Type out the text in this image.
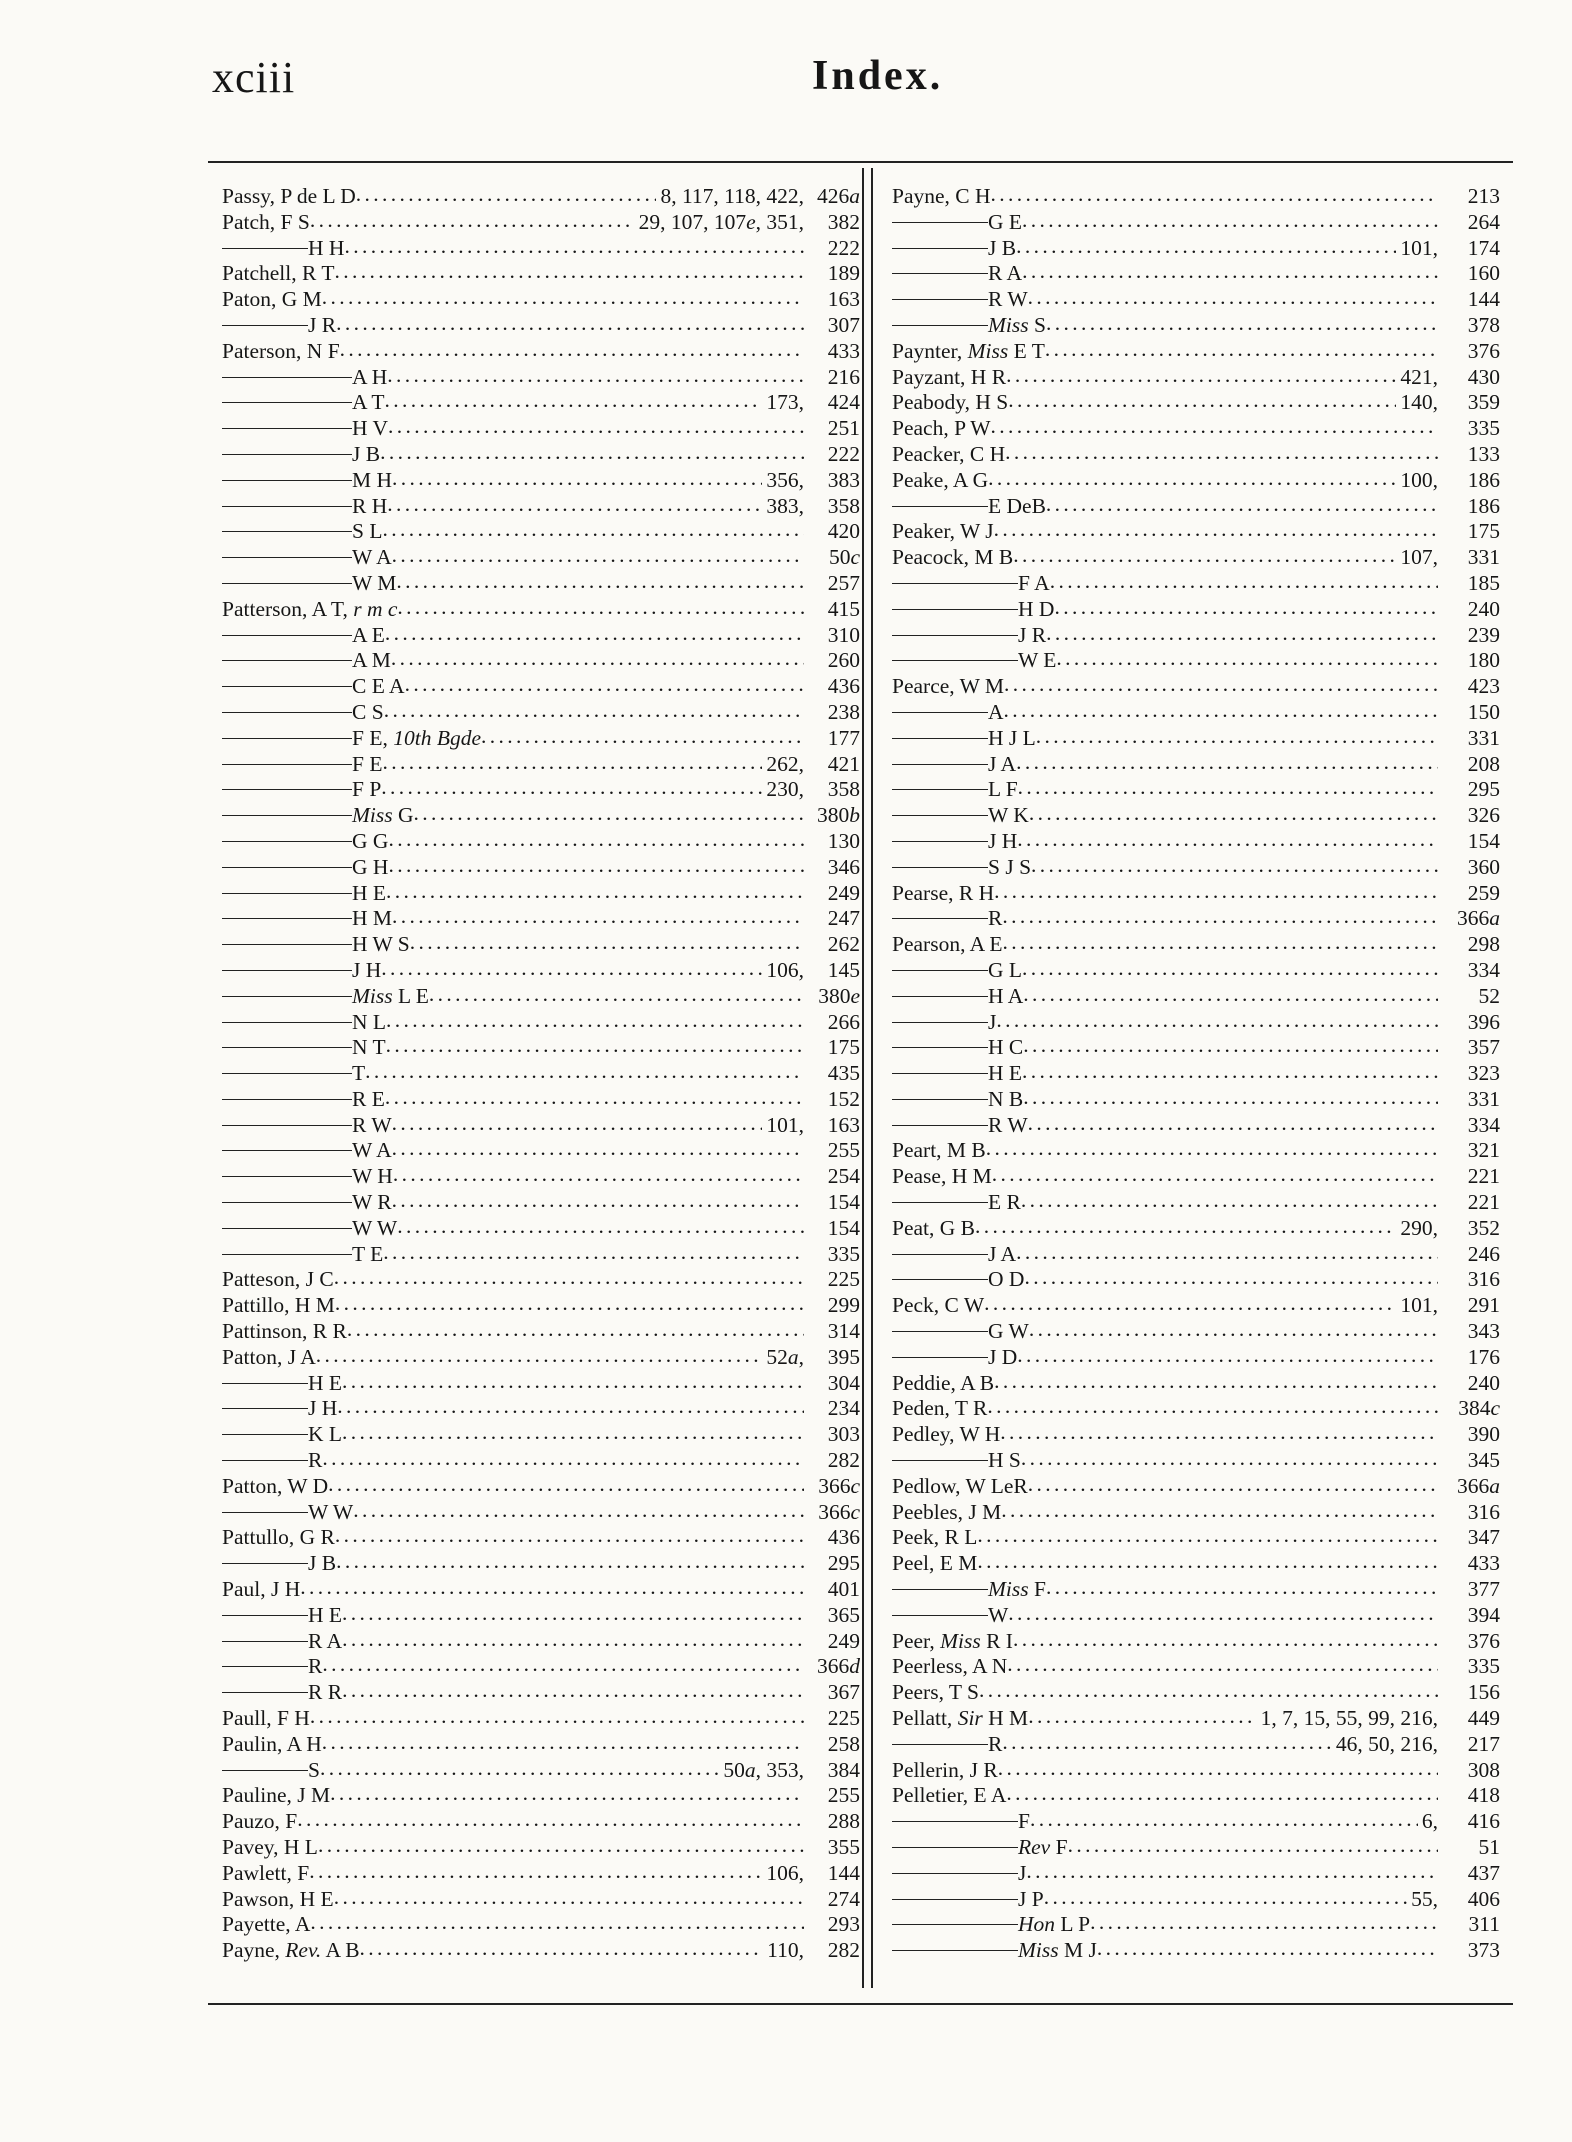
xciii	Index.
Passy, P de L D . . .	8, 117, 118, 422, 426a
Patch, F S . . .	29, 107, 107e, 351,	382
H H . . .	222
Patchell, R T . . .	189
Paton, G M . . .	163
J R . . .	307
Paterson, N F . . .	433
A H . . .	216
A T . . .	173,	424
H V . . .	251
J B . . .	222
M H . . .	356,	383
R H . . .	383,	358
S L . . .	420
W A . . .	50c
W M . . .	257
Patterson, A T, r m c . . .	415
A E . . .	310
A M . . .	260
C E A . . .	436
C S . . .	238
F E, 10th Bgde . . .	177
F E . . .	262,	421
F P . . .	230,	358
Miss G . . .	380b
G G . . .	130
G H . . .	346
H E . . .	249
H M . . .	247
H W S . . .	262
J H . . .	106,	145
Miss L E . . .	380e
N L . . .	266
N T . . .	175
T . . .	435
R E . . .	152
R W . . .	101,	163
W A . . .	255
W H . . .	254
W R . . .	154
W W . . .	154
T E . . .	335
Patteson, J C . . .	225
Pattillo, H M . . .	299
Pattinson, R R . . .	314
Patton, J A . . .	52a,	395
H E . . .	304
J H . . .	234
K L . . .	303
R . . .	282
Patton, W D . . .	366c
W W . . .	366c
Pattullo, G R . . .	436
J B . . .	295
Paul, J H . . .	401
H E . . .	365
R A . . .	249
R . . .	366d
R R . . .	367
Paull, F H . . .	225
Paulin, A H . . .	258
S . . .	50a, 353,	384
Pauline, J M . . .	255
Pauzo, F . . .	288
Pavey, H L . . .	355
Pawlett, F . . .	106,	144
Pawson, H E . . .	274
Payette, A . . .	293
Payne, Rev. A B . . .	110,	282
Payne, C H . . .	213
G E . . .	264
J B . . .	101,	174
R A . . .	160
R W . . .	144
Miss S . . .	378
Paynter, Miss E T . . .	376
Payzant, H R . . .	421,	430
Peabody, H S . . .	140,	359
Peach, P W . . .	335
Peacker, C H . . .	133
Peake, A G . . .	100,	186
E DeB . . .	186
Peaker, W J . . .	175
Peacock, M B . . .	107,	331
F A . . .	185
H D . . .	240
J R . . .	239
W E . . .	180
Pearce, W M . . .	423
A . . .	150
H J L . . .	331
J A . . .	208
L F . . .	295
W K . . .	326
J H . . .	154
S J S . . .	360
Pearse, R H . . .	259
R . . .	366a
Pearson, A E . . .	298
G L . . .	334
H A . . .	52
J . . .	396
H C . . .	357
H E . . .	323
N B . . .	331
R W . . .	334
Peart, M B . . .	321
Pease, H M . . .	221
E R . . .	221
Peat, G B . . .	290,	352
J A . . .	246
O D . . .	316
Peck, C W . . .	101,	291
G W . . .	343
J D . . .	176
Peddie, A B . . .	240
Peden, T R . . .	384c
Pedley, W H . . .	390
H S . . .	345
Pedlow, W LeR . . .	366a
Peebles, J M . . .	316
Peek, R L . . .	347
Peel, E M . . .	433
Miss F . . .	377
W . . .	394
Peer, Miss R I . . .	376
Peerless, A N . . .	335
Peers, T S . . .	156
Pellatt, Sir H M . . .	1, 7, 15, 55, 99, 216,	449
R . . .	46, 50, 216,	217
Pellerin, J R . . .	308
Pelletier, E A . . .	418
F . . .	6,	416
Rev F . . .	51
J . . .	437
J P . . .	55,	406
Hon L P . . .	311
Miss M J . . .	373
